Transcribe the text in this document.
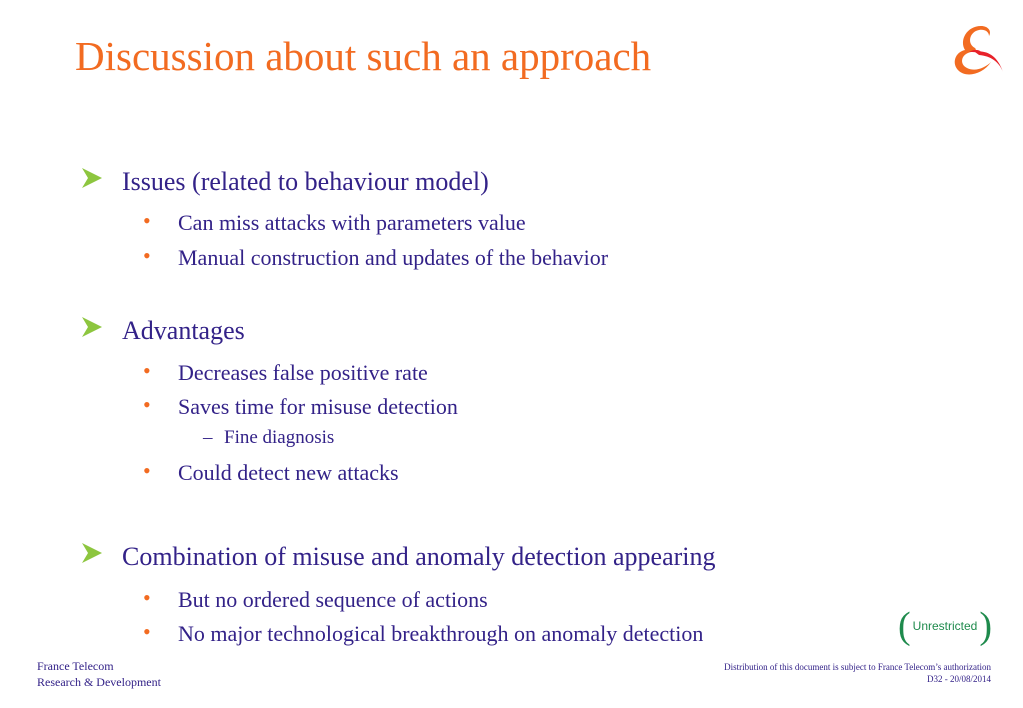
Discussion about such an approach
Issues (related to behaviour model)
• Can miss attacks with parameters value
• Manual construction and updates of the behavior
Advantages
• Decreases false positive rate
• Saves time for misuse detection
– Fine diagnosis
• Could detect new attacks
Combination of misuse and anomaly detection appearing
• But no ordered sequence of actions
• No major technological breakthrough on anomaly detection	( Unrestricted )
France Telecom
Research & Development
Distribution of this document is subject to France Telecom’s authorization
D32 - 20/08/2014
